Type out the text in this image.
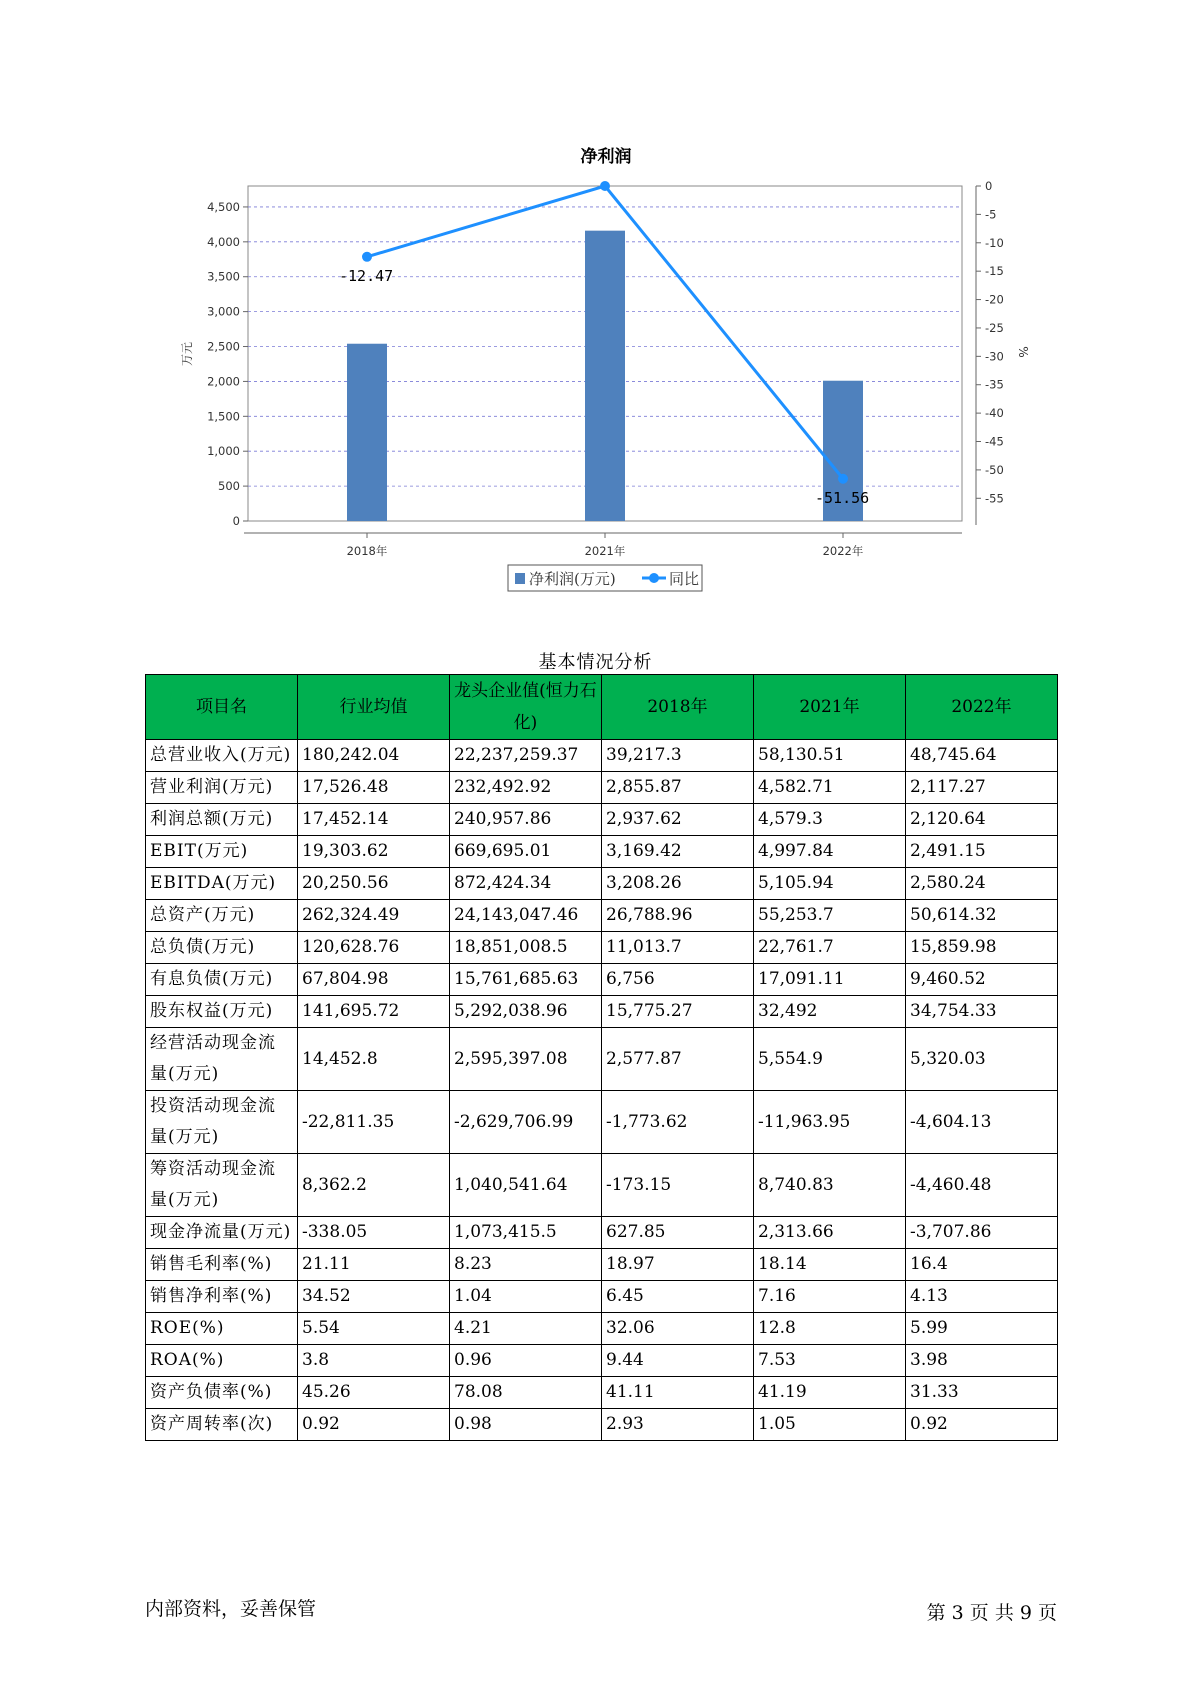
净利润
0
500
1,000
1,500
2,000
2,500
3,000
3,500
4,000
4,500
0
-5
-10
-15
-20
-25
-30
-35
-40
-45
-50
-55
万元	%
2018年	2021年	2022年
-12.47
-51.56
净利润(万元)	同比
基本情况分析
项目名	行业均值	龙头企业值(恒力石化)	2018年	2021年	2022年
总营业收入(万元)	180,242.04	22,237,259.37	39,217.3	58,130.51	48,745.64
营业利润(万元)	17,526.48	232,492.92	2,855.87	4,582.71	2,117.27
利润总额(万元)	17,452.14	240,957.86	2,937.62	4,579.3	2,120.64
EBIT(万元)	19,303.62	669,695.01	3,169.42	4,997.84	2,491.15
EBITDA(万元)	20,250.56	872,424.34	3,208.26	5,105.94	2,580.24
总资产(万元)	262,324.49	24,143,047.46	26,788.96	55,253.7	50,614.32
总负债(万元)	120,628.76	18,851,008.5	11,013.7	22,761.7	15,859.98
有息负债(万元)	67,804.98	15,761,685.63	6,756	17,091.11	9,460.52
股东权益(万元)	141,695.72	5,292,038.96	15,775.27	32,492	34,754.33
经营活动现金流量(万元)	14,452.8	2,595,397.08	2,577.87	5,554.9	5,320.03
投资活动现金流量(万元)	-22,811.35	-2,629,706.99	-1,773.62	-11,963.95	-4,604.13
筹资活动现金流量(万元)	8,362.2	1,040,541.64	-173.15	8,740.83	-4,460.48
现金净流量(万元)	-338.05	1,073,415.5	627.85	2,313.66	-3,707.86
销售毛利率(%)	21.11	8.23	18.97	18.14	16.4
销售净利率(%)	34.52	1.04	6.45	7.16	4.13
ROE(%)	5.54	4.21	32.06	12.8	5.99
ROA(%)	3.8	0.96	9.44	7.53	3.98
资产负债率(%)	45.26	78.08	41.11	41.19	31.33
资产周转率(次)	0.92	0.98	2.93	1.05	0.92
内部资料，妥善保管	第 3 页 共 9 页
